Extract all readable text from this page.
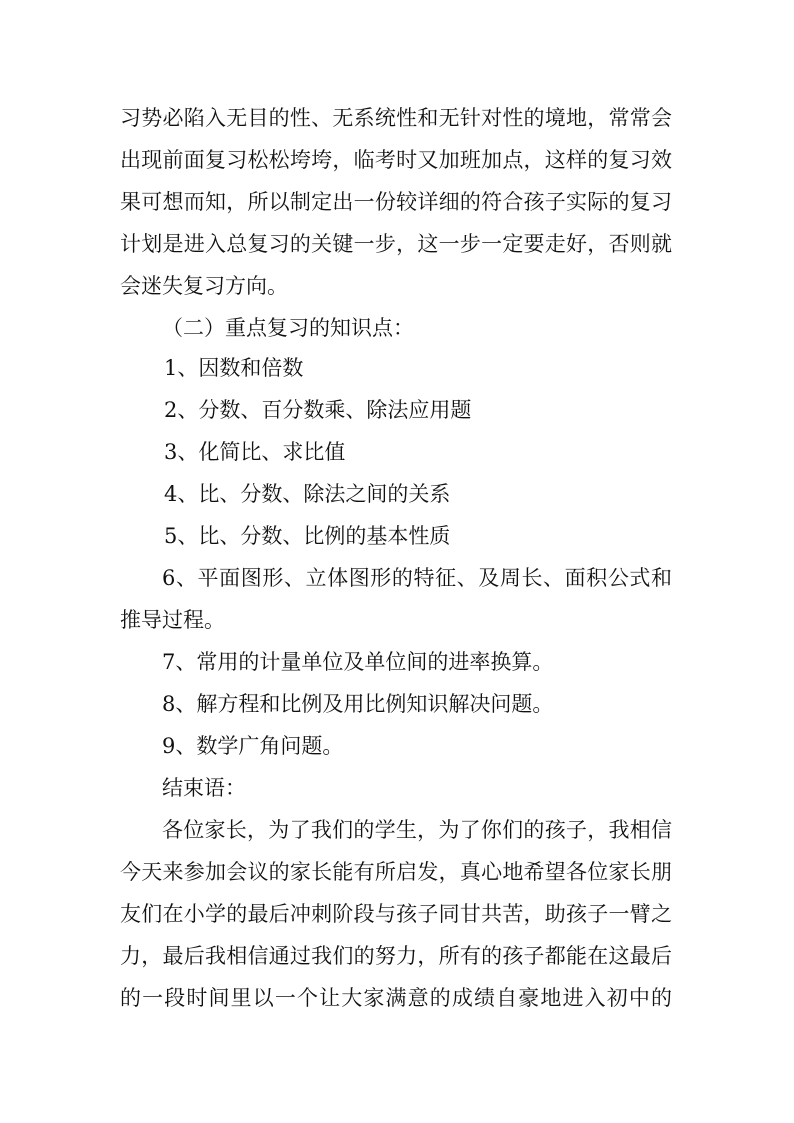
习势必陷入无目的性、无系统性和无针对性的境地，常常会
出现前面复习松松垮垮，临考时又加班加点，这样的复习效
果可想而知，所以制定出一份较详细的符合孩子实际的复习
计划是进入总复习的关键一步，这一步一定要走好，否则就
会迷失复习方向。
（二）重点复习的知识点：
1、因数和倍数
2、分数、百分数乘、除法应用题
3、化简比、求比值
4、比、分数、除法之间的关系
5、比、分数、比例的基本性质
6、平面图形、立体图形的特征、及周长、面积公式和
推导过程。
7、常用的计量单位及单位间的进率换算。
8、解方程和比例及用比例知识解决问题。
9、数学广角问题。
结束语：
各位家长，为了我们的学生，为了你们的孩子，我相信
今天来参加会议的家长能有所启发，真心地希望各位家长朋
友们在小学的最后冲刺阶段与孩子同甘共苦，助孩子一臂之
力，最后我相信通过我们的努力，所有的孩子都能在这最后
的一段时间里以一个让大家满意的成绩自豪地进入初中的
